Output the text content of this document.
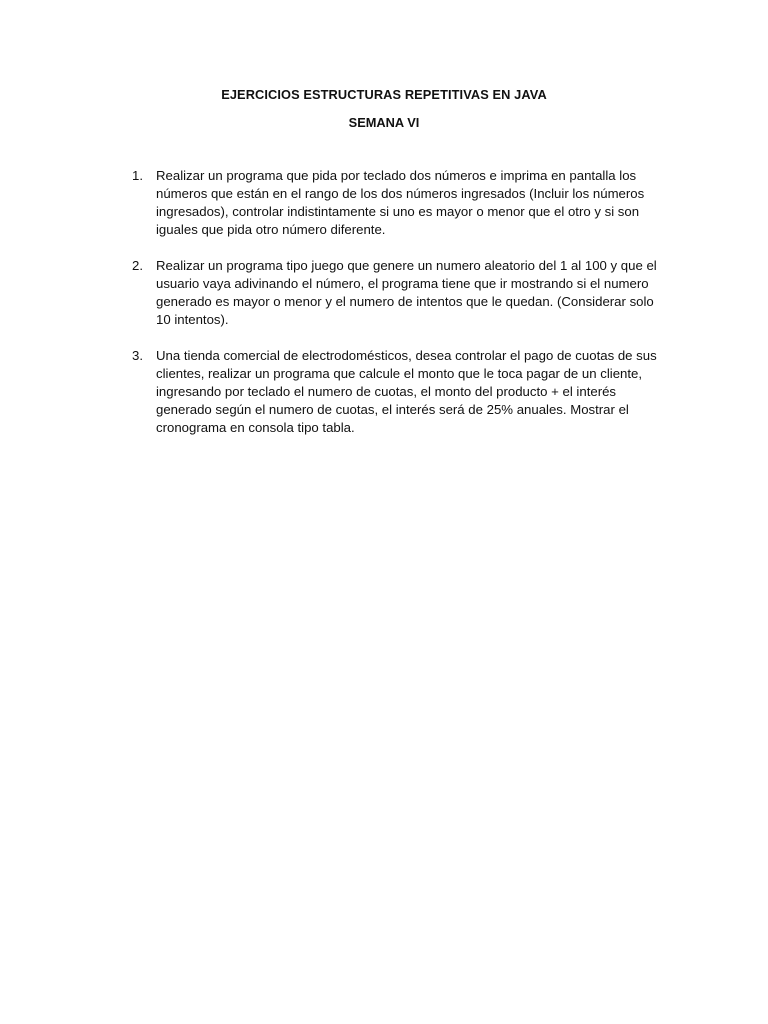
EJERCICIOS ESTRUCTURAS REPETITIVAS EN JAVA
SEMANA VI
1. Realizar un programa que pida por teclado dos números e imprima en pantalla los números que están en el rango de los dos números ingresados (Incluir los números ingresados), controlar indistintamente si uno es mayor o menor que el otro y si son iguales que pida otro número diferente.
2. Realizar un programa tipo juego que genere un numero aleatorio del 1 al 100 y que el usuario vaya adivinando el número, el programa tiene que ir mostrando si el numero generado es mayor o menor y el numero de intentos que le quedan. (Considerar solo 10 intentos).
3. Una tienda comercial de electrodomésticos, desea controlar el pago de cuotas de sus clientes, realizar un programa que calcule el monto que le toca pagar de un cliente, ingresando por teclado el numero de cuotas, el monto del producto + el interés generado según el numero de cuotas, el interés será de 25% anuales. Mostrar el cronograma en consola tipo tabla.
